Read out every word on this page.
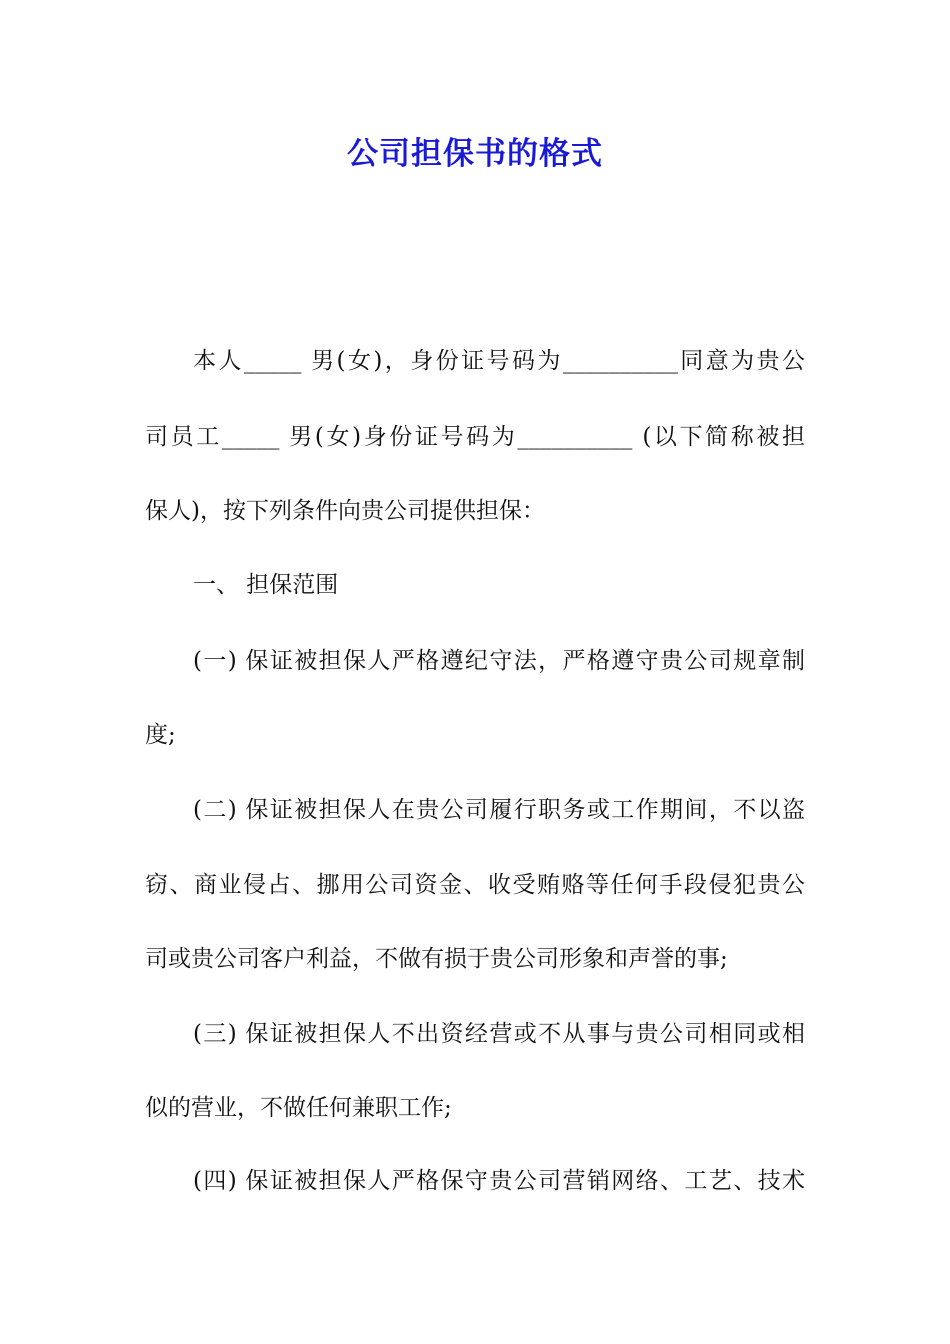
公司担保书的格式
本人_____ 男(女)，身份证号码为__________同意为贵公
司员工_____ 男(女)身份证号码为__________ (以下简称被担
保人)，按下列条件向贵公司提供担保：
一、 担保范围
(一) 保证被担保人严格遵纪守法，严格遵守贵公司规章制
度;
(二) 保证被担保人在贵公司履行职务或工作期间，不以盗
窃、商业侵占、挪用公司资金、收受贿赂等任何手段侵犯贵公
司或贵公司客户利益，不做有损于贵公司形象和声誉的事;
(三) 保证被担保人不出资经营或不从事与贵公司相同或相
似的营业，不做任何兼职工作;
(四) 保证被担保人严格保守贵公司营销网络、工艺、技术
